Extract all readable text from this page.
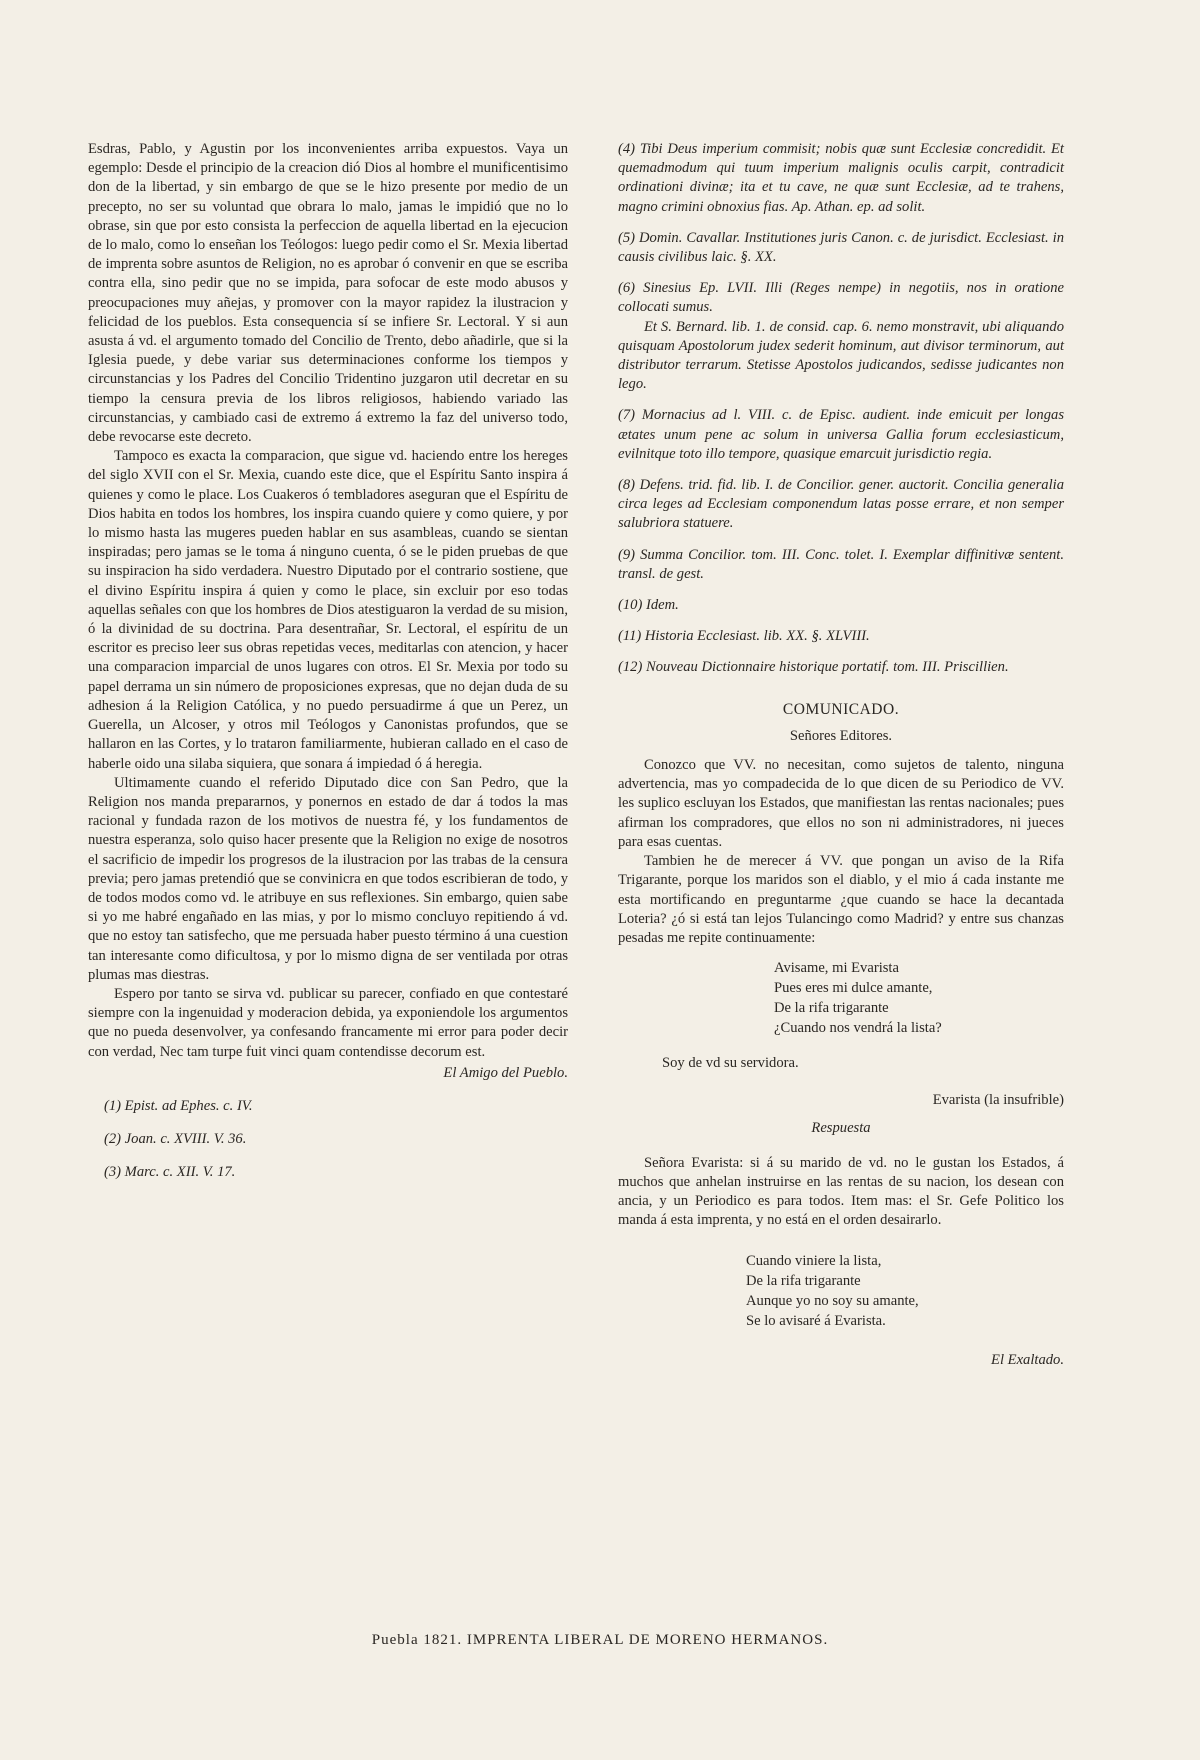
Esdras, Pablo, y Agustin por los inconvenientes arriba expuestos. Vaya un egemplo: Desde el principio de la creacion dió Dios al hombre el munificentisimo don de la libertad, y sin embargo de que se le hizo presente por medio de un precepto, no ser su voluntad que obrara lo malo, jamas le impidió que no lo obrase, sin que por esto consista la perfeccion de aquella libertad en la ejecucion de lo malo, como lo enseñan los Teólogos: luego pedir como el Sr. Mexia libertad de imprenta sobre asuntos de Religion, no es aprobar ó convenir en que se escriba contra ella, sino pedir que no se impida, para sofocar de este modo abusos y preocupaciones muy añejas, y promover con la mayor rapidez la ilustracion y felicidad de los pueblos. Esta consequencia sí se infiere Sr. Lectoral. Y si aun asusta á vd. el argumento tomado del Concilio de Trento, debo añadirle, que si la Iglesia puede, y debe variar sus determinaciones conforme los tiempos y circunstancias y los Padres del Concilio Tridentino juzgaron util decretar en su tiempo la censura previa de los libros religiosos, habiendo variado las circunstancias, y cambiado casi de extremo á extremo la faz del universo todo, debe revocarse este decreto.

Tampoco es exacta la comparacion, que sigue vd. haciendo entre los hereges del siglo XVII con el Sr. Mexia, cuando este dice, que el Espíritu Santo inspira á quienes y como le place. Los Cuakeros ó tembladores aseguran que el Espíritu de Dios habita en todos los hombres, los inspira cuando quiere y como quiere, y por lo mismo hasta las mugeres pueden hablar en sus asambleas, cuando se sientan inspiradas; pero jamas se le toma á ninguno cuenta, ó se le piden pruebas de que su inspiracion ha sido verdadera. Nuestro Diputado por el contrario sostiene, que el divino Espíritu inspira á quien y como le place, sin excluir por eso todas aquellas señales con que los hombres de Dios atestiguaron la verdad de su mision, ó la divinidad de su doctrina. Para desentrañar, Sr. Lectoral, el espíritu de un escritor es preciso leer sus obras repetidas veces, meditarlas con atencion, y hacer una comparacion imparcial de unos lugares con otros. El Sr. Mexia por todo su papel derrama un sin número de proposiciones expresas, que no dejan duda de su adhesion á la Religion Católica, y no puedo persuadirme á que un Perez, un Guerella, un Alcoser, y otros mil Teólogos y Canonistas profundos, que se hallaron en las Cortes, y lo trataron familiarmente, hubieran callado en el caso de haberle oido una silaba siquiera, que sonara á impiedad ó á heregia.

Ultimamente cuando el referido Diputado dice con San Pedro, que la Religion nos manda prepararnos, y ponernos en estado de dar á todos la mas racional y fundada razon de los motivos de nuestra fé, y los fundamentos de nuestra esperanza, solo quiso hacer presente que la Religion no exige de nosotros el sacrificio de impedir los progresos de la ilustracion por las trabas de la censura previa; pero jamas pretendió que se convinicra en que todos escribieran de todo, y de todos modos como vd. le atribuye en sus reflexiones. Sin embargo, quien sabe si yo me habré engañado en las mias, y por lo mismo concluyo repitiendo á vd. que no estoy tan satisfecho, que me persuada haber puesto término á una cuestion tan interesante como dificultosa, y por lo mismo digna de ser ventilada por otras plumas mas diestras.

Espero por tanto se sirva vd. publicar su parecer, confiado en que contestaré siempre con la ingenuidad y moderacion debida, ya exponiendole los argumentos que no pueda desenvolver, ya confesando francamente mi error para poder decir con verdad, Nec tam turpe fuit vinci quam contendisse decorum est.

El Amigo del Pueblo.

(1) Epist. ad Ephes. c. IV.

(2) Joan. c. XVIII. V. 36.

(3) Marc. c. XII. V. 17.

(4) Tibi Deus imperium commisit; nobis quæ sunt Ecclesiæ concredidit. Et quemadmodum qui tuum imperium malignis oculis carpit, contradicit ordinationi divinæ; ita et tu cave, ne quæ sunt Ecclesiæ, ad te trahens, magno crimini obnoxius fias. Ap. Athan. ep. ad solit.

(5) Domin. Cavallar. Institutiones juris Canon. c. de jurisdict. Ecclesiast. in causis civilibus laic. §. XX.

(6) Sinesius Ep. LVII. Illi (Reges nempe) in negotiis, nos in oratione collocati sumus.

Et S. Bernard. lib. 1. de consid. cap. 6. nemo monstravit, ubi aliquando quisquam Apostolorum judex sederit hominum, aut divisor terminorum, aut distributor terrarum. Stetisse Apostolos judicandos, sedisse judicantes non lego.

(7) Mornacius ad l. VIII. c. de Episc. audient. inde emicuit per longas ætates unum pene ac solum in universa Gallia forum ecclesiasticum, evilnitque toto illo tempore, quasique emarcuit jurisdictio regia.

(8) Defens. trid. fid. lib. I. de Concilior. gener. auctorit. Concilia generalia circa leges ad Ecclesiam componendum latas posse errare, et non semper salubriora statuere.

(9) Summa Concilior. tom. III. Conc. tolet. I. Exemplar diffinitivæ sentent. transl. de gest.

(10) Idem.

(11) Historia Ecclesiast. lib. XX. §. XLVIII.

(12) Nouveau Dictionnaire historique portatif. tom. III. Priscillien.

COMUNICADO.

Señores Editores.

Conozco que VV. no necesitan, como sujetos de talento, ninguna advertencia, mas yo compadecida de lo que dicen de su Periodico de VV. les suplico escluyan los Estados, que manifiestan las rentas nacionales; pues afirman los compradores, que ellos no son ni administradores, ni jueces para esas cuentas.

Tambien he de merecer á VV. que pongan un aviso de la Rifa Trigarante, porque los maridos son el diablo, y el mio á cada instante me esta mortificando en preguntarme ¿que cuando se hace la decantada Loteria? ¿ó si está tan lejos Tulancingo como Madrid? y entre sus chanzas pesadas me repite continuamente:

Avisame, mi Evarista
Pues eres mi dulce amante,
De la rifa trigarante
¿Cuando nos vendrá la lista?

Soy de vd su servidora.

Evarista (la insufrible)

Respuesta

Señora Evarista: si á su marido de vd. no le gustan los Estados, á muchos que anhelan instruirse en las rentas de su nacion, los desean con ancia, y un Periodico es para todos. Item mas: el Sr. Gefe Politico los manda á esta imprenta, y no está en el orden desairarlo.

Cuando viniere la lista,
De la rifa trigarante
Aunque yo no soy su amante,
Se lo avisaré á Evarista.

El Exaltado.

Puebla 1821. IMPRENTA LIBERAL DE MORENO HERMANOS.
